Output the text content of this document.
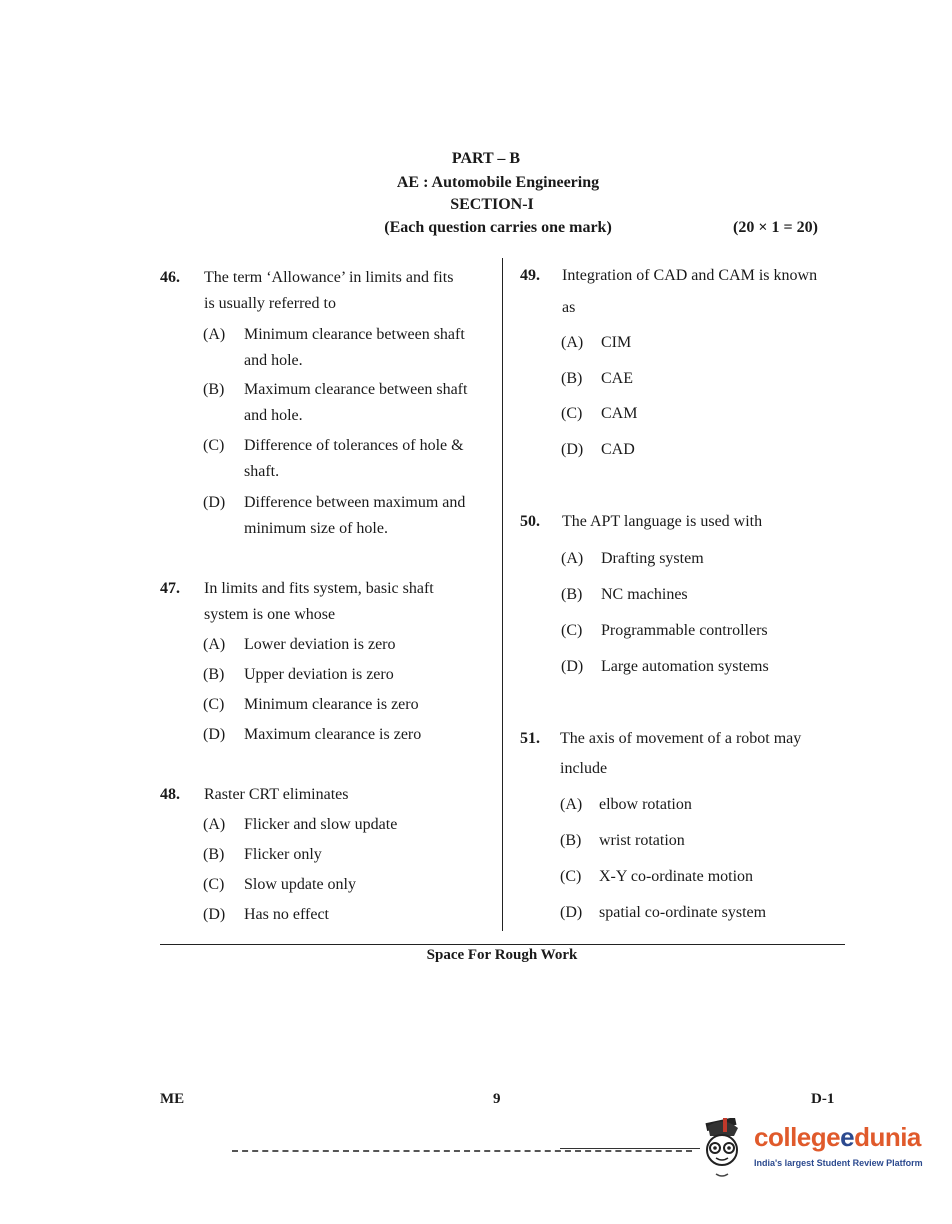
PART – B
AE : Automobile Engineering
SECTION-I
(Each question carries one mark)	(20 × 1 = 20)
46. The term ‘Allowance’ in limits and fits
is usually referred to
(A) Minimum clearance between shaft
and hole.
(B) Maximum clearance between shaft
and hole.
(C) Difference of tolerances of hole &
shaft.
(D) Difference between maximum and
minimum size of hole.
47. In limits and fits system, basic shaft
system is one whose
(A) Lower deviation is zero
(B) Upper deviation is zero
(C) Minimum clearance is zero
(D) Maximum clearance is zero
48. Raster CRT eliminates
(A) Flicker and slow update
(B) Flicker only
(C) Slow update only
(D) Has no effect
49. Integration of CAD and CAM is known
as
(A) CIM
(B) CAE
(C) CAM
(D) CAD
50. The APT language is used with
(A) Drafting system
(B) NC machines
(C) Programmable controllers
(D) Large automation systems
51. The axis of movement of a robot may
include
(A) elbow rotation
(B) wrist rotation
(C) X-Y co-ordinate motion
(D) spatial co-ordinate system
Space For Rough Work
ME	9	D-1
collegeedunia
India's largest Student Review Platform
